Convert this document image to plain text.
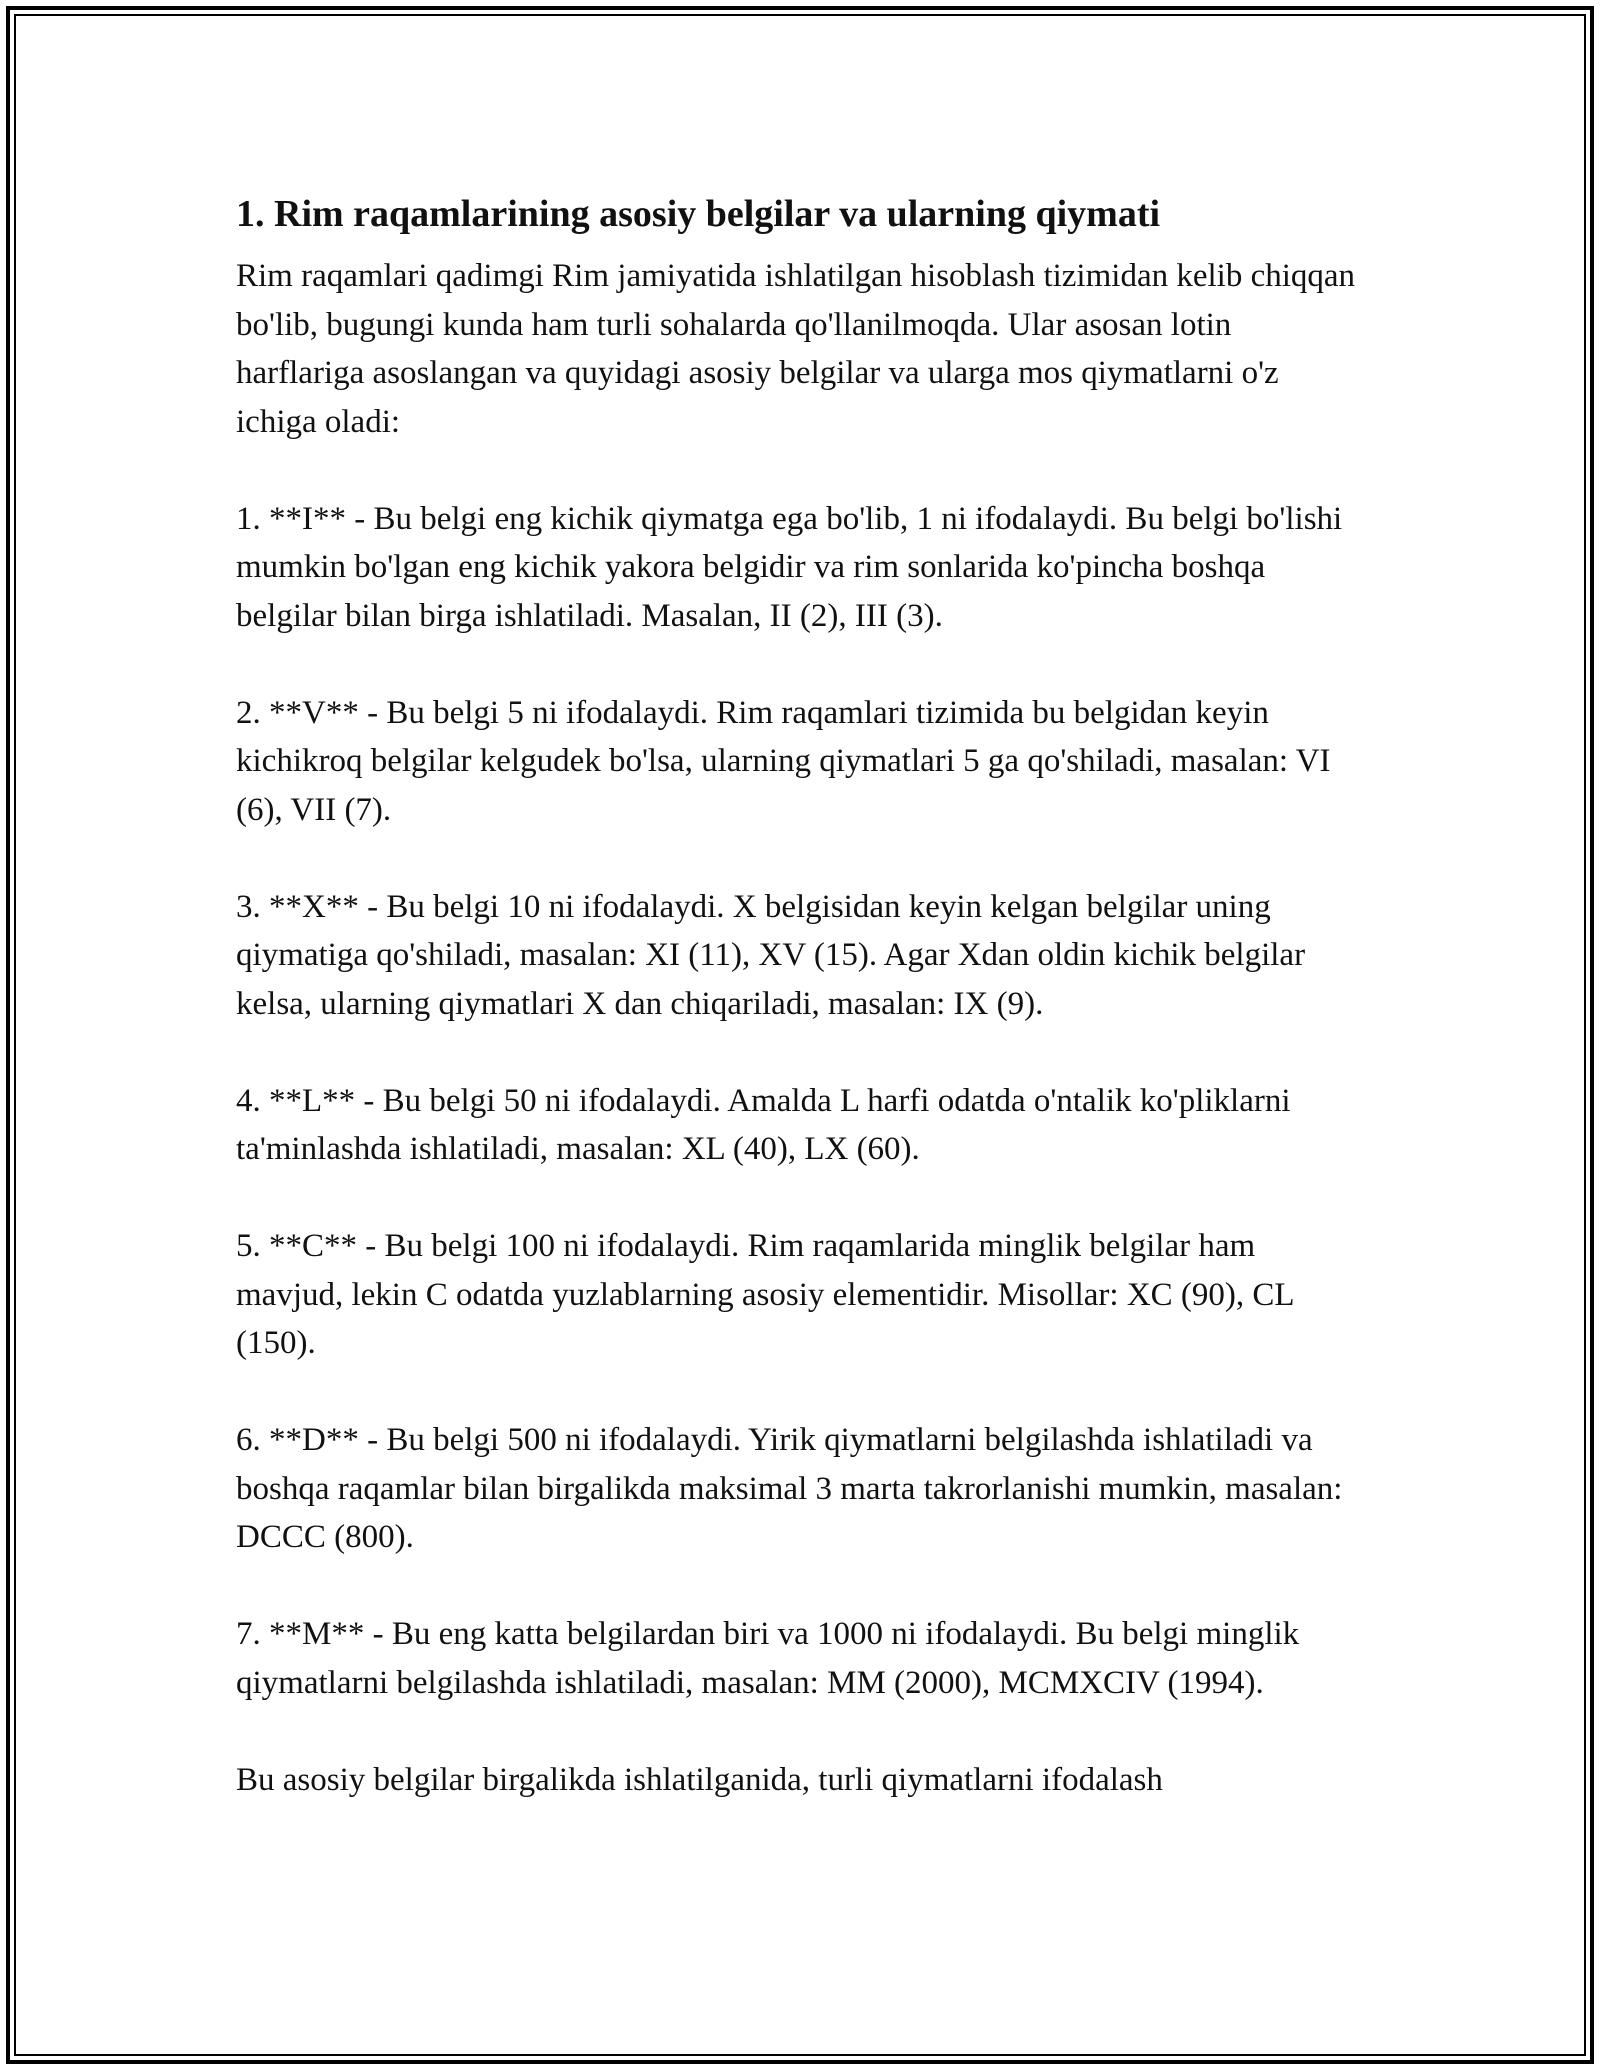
1. Rim raqamlarining asosiy belgilar va ularning qiymati

Rim raqamlari qadimgi Rim jamiyatida ishlatilgan hisoblash tizimidan kelib chiqqan bo'lib, bugungi kunda ham turli sohalarda qo'llanilmoqda. Ular asosan lotin harflariga asoslangan va quyidagi asosiy belgilar va ularga mos qiymatlarni o'z ichiga oladi:

1. **I** - Bu belgi eng kichik qiymatga ega bo'lib, 1 ni ifodalaydi. Bu belgi bo'lishi mumkin bo'lgan eng kichik yakora belgidir va rim sonlarida ko'pincha boshqa belgilar bilan birga ishlatiladi. Masalan, II (2), III (3).

2. **V** - Bu belgi 5 ni ifodalaydi. Rim raqamlari tizimida bu belgidan keyin kichikroq belgilar kelgudek bo'lsa, ularning qiymatlari 5 ga qo'shiladi, masalan: VI (6), VII (7).

3. **X** - Bu belgi 10 ni ifodalaydi. X belgisidan keyin kelgan belgilar uning qiymatiga qo'shiladi, masalan: XI (11), XV (15). Agar Xdan oldin kichik belgilar kelsa, ularning qiymatlari X dan chiqariladi, masalan: IX (9).

4. **L** - Bu belgi 50 ni ifodalaydi. Amalda L harfi odatda o'ntalik ko'pliklarni ta'minlashda ishlatiladi, masalan: XL (40), LX (60).

5. **C** - Bu belgi 100 ni ifodalaydi. Rim raqamlarida minglik belgilar ham mavjud, lekin C odatda yuzlablarning asosiy elementidir. Misollar: XC (90), CL (150).

6. **D** - Bu belgi 500 ni ifodalaydi. Yirik qiymatlarni belgilashda ishlatiladi va boshqa raqamlar bilan birgalikda maksimal 3 marta takrorlanishi mumkin, masalan: DCCC (800).

7. **M** - Bu eng katta belgilardan biri va 1000 ni ifodalaydi. Bu belgi minglik qiymatlarni belgilashda ishlatiladi, masalan: MM (2000), MCMXCIV (1994).

Bu asosiy belgilar birgalikda ishlatilganida, turli qiymatlarni ifodalash
